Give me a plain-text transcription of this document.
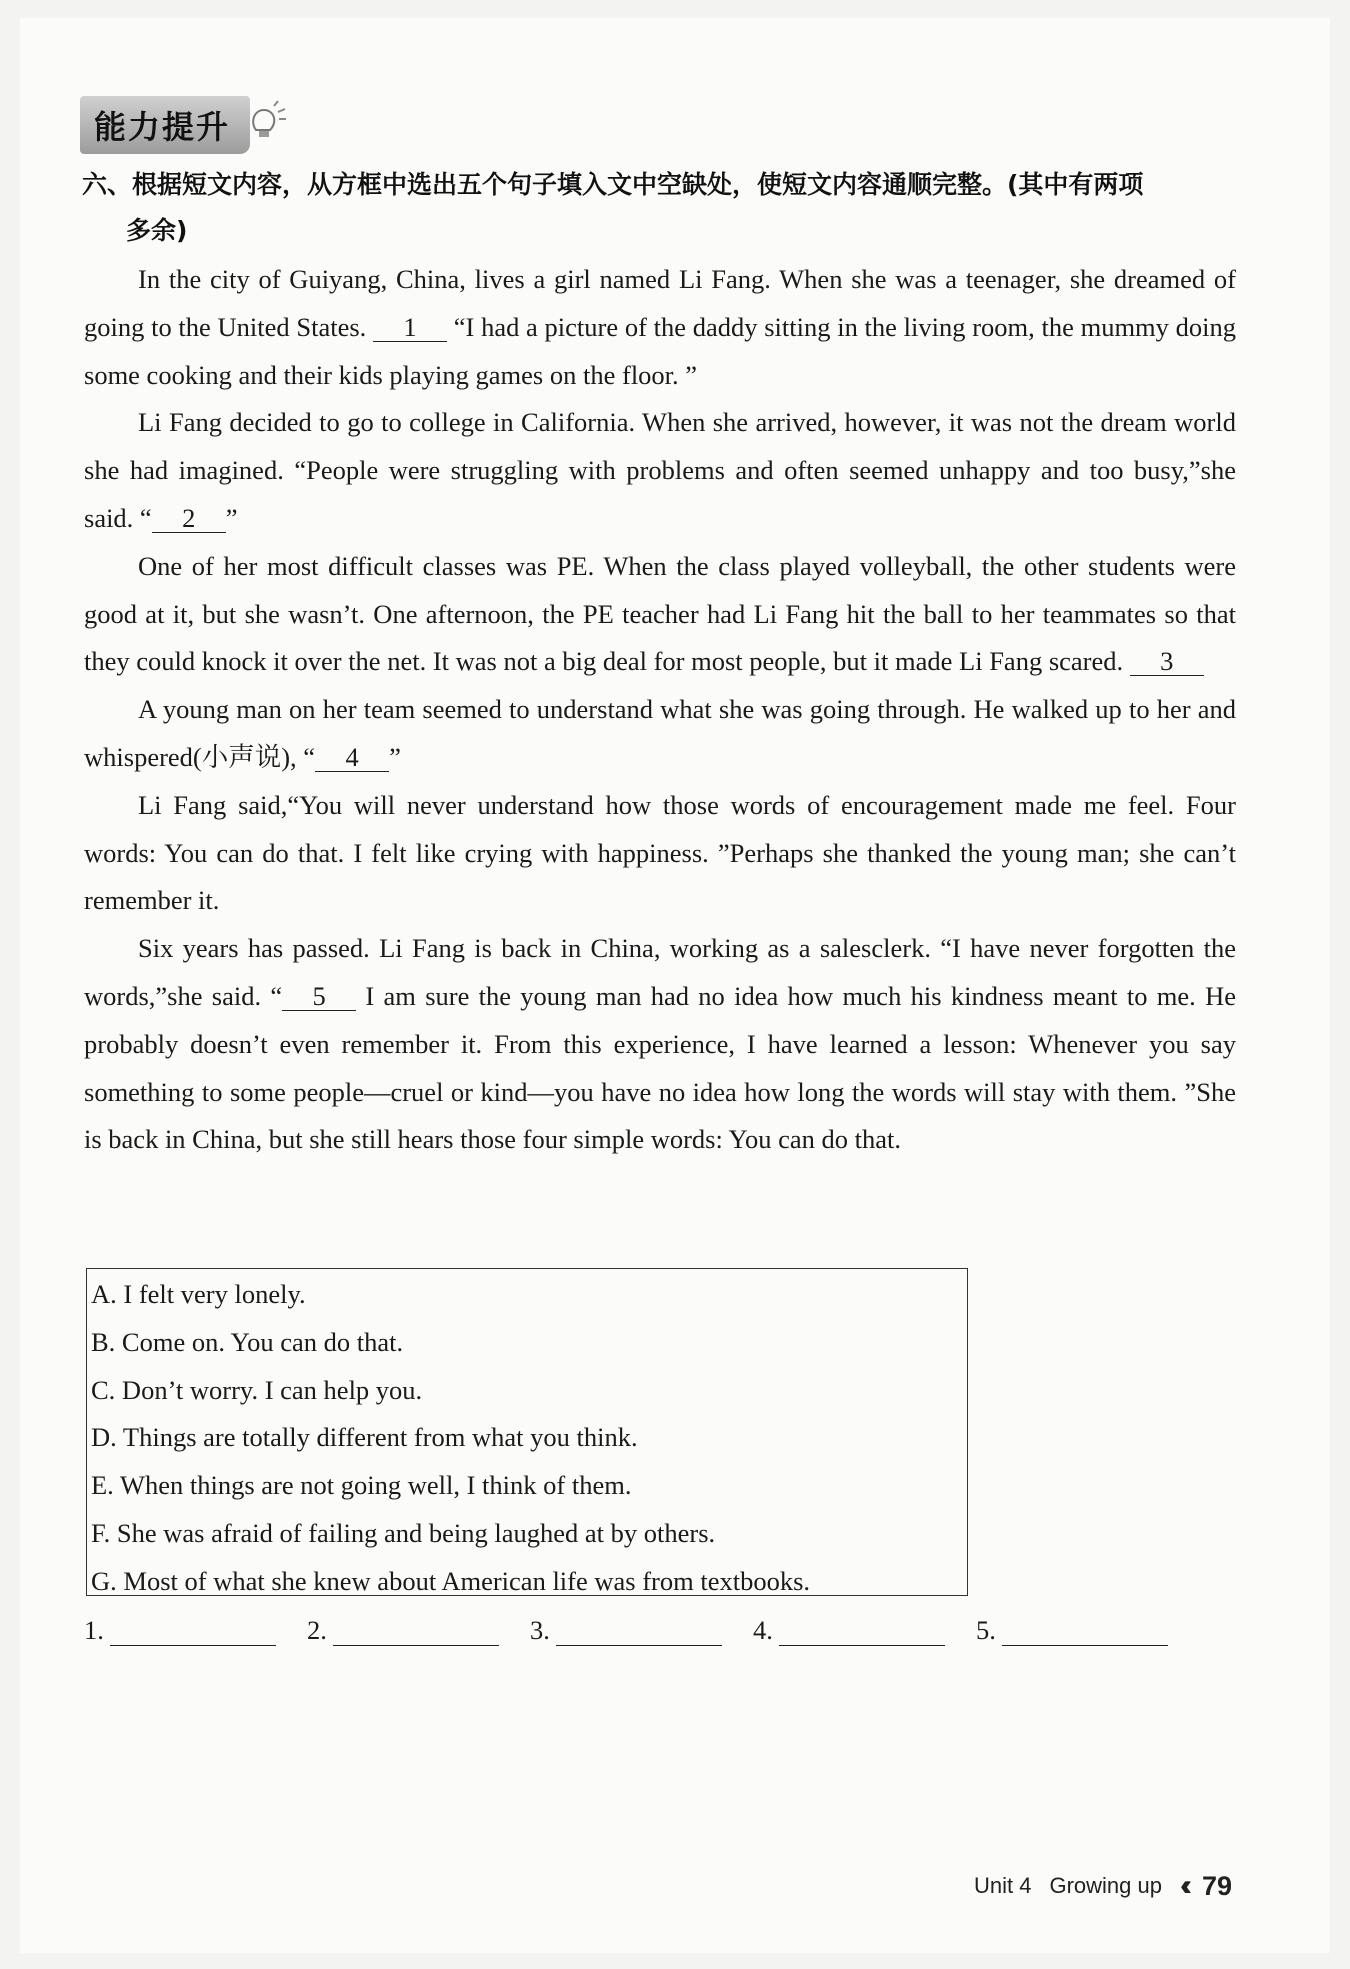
能力提升
六、根据短文内容，从方框中选出五个句子填入文中空缺处，使短文内容通顺完整。(其中有两项
多余)

In the city of Guiyang, China, lives a girl named Li Fang. When she was a teenager, she dreamed of going to the United States. 1 “I had a picture of the daddy sitting in the living room, the mummy doing some cooking and their kids playing games on the floor. ”

Li Fang decided to go to college in California. When she arrived, however, it was not the dream world she had imagined. “People were struggling with problems and often seemed unhappy and too busy,”she said. “ 2 ”

One of her most difficult classes was PE. When the class played volleyball, the other students were good at it, but she wasn’t. One afternoon, the PE teacher had Li Fang hit the ball to her teammates so that they could knock it over the net. It was not a big deal for most people, but it made Li Fang scared. 3

A young man on her team seemed to understand what she was going through. He walked up to her and whispered(小声说), “ 4 ”

Li Fang said,“You will never understand how those words of encouragement made me feel. Four words: You can do that. I felt like crying with happiness. ”Perhaps she thanked the young man; she can’t remember it.

Six years has passed. Li Fang is back in China, working as a salesclerk. “I have never forgotten the words,”she said. “ 5 I am sure the young man had no idea how much his kindness meant to me. He probably doesn’t even remember it. From this experience, I have learned a lesson: Whenever you say something to some people—cruel or kind—you have no idea how long the words will stay with them. ”She is back in China, but she still hears those four simple words: You can do that.

A. I felt very lonely.
B. Come on. You can do that.
C. Don’t worry. I can help you.
D. Things are totally different from what you think.
E. When things are not going well, I think of them.
F. She was afraid of failing and being laughed at by others.
G. Most of what she knew about American life was from textbooks.
1.	2.	3.	4.	5.
Unit 4 Growing up ‹‹ 79
